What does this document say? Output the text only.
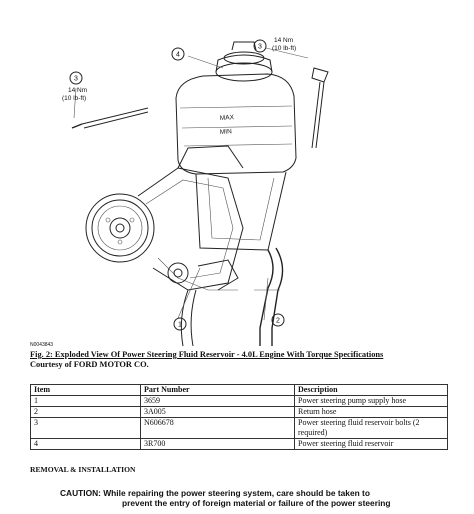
MAX
MIN
4
3
14 Nm
(10 lb-ft)
3
14 Nm
(10 lb-ft)
1
2
N0043843
Fig. 2: Exploded View Of Power Steering Fluid Reservoir - 4.0L Engine With Torque Specifications
Courtesy of FORD MOTOR CO.
Item	Part Number	Description
1	3659	Power steering pump supply hose
2	3A005	Return hose
3	N606678	Power steering fluid reservoir bolts (2 required)
4	3R700	Power steering fluid reservoir
REMOVAL & INSTALLATION
CAUTION: While repairing the power steering system, care should be taken to
prevent the entry of foreign material or failure of the power steering
